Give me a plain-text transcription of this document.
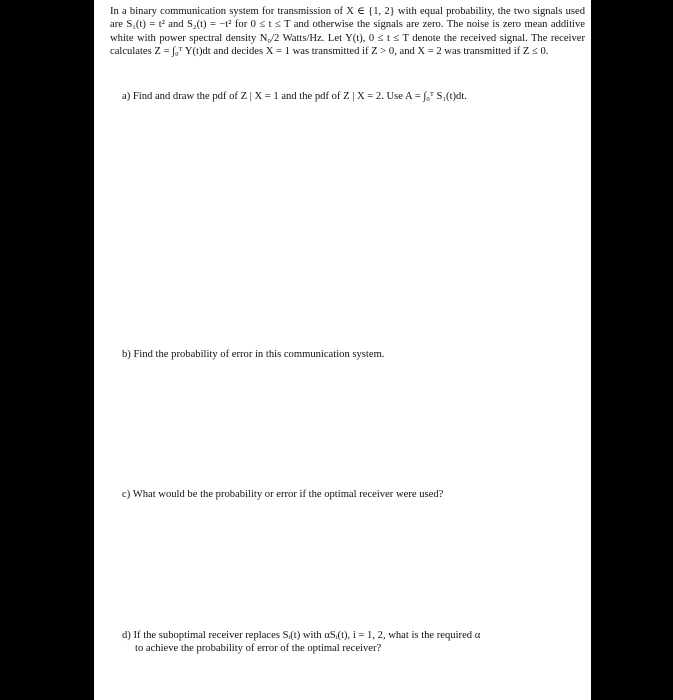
In a binary communication system for transmission of X ∈ {1, 2} with equal probability, the two signals used are S₁(t) = t² and S₂(t) = −t² for 0 ≤ t ≤ T and otherwise the signals are zero. The noise is zero mean additive white with power spectral density N₀/2 Watts/Hz. Let Y(t), 0 ≤ t ≤ T denote the received signal. The receiver calculates Z = ∫₀ᵀ Y(t)dt and decides X = 1 was transmitted if Z > 0, and X = 2 was transmitted if Z ≤ 0.
a) Find and draw the pdf of Z | X = 1 and the pdf of Z | X = 2. Use A = ∫₀ᵀ S₁(t)dt.
b) Find the probability of error in this communication system.
c) What would be the probability or error if the optimal receiver were used?
d) If the suboptimal receiver replaces Sᵢ(t) with αSᵢ(t), i = 1, 2, what is the required α
to achieve the probability of error of the optimal receiver?
